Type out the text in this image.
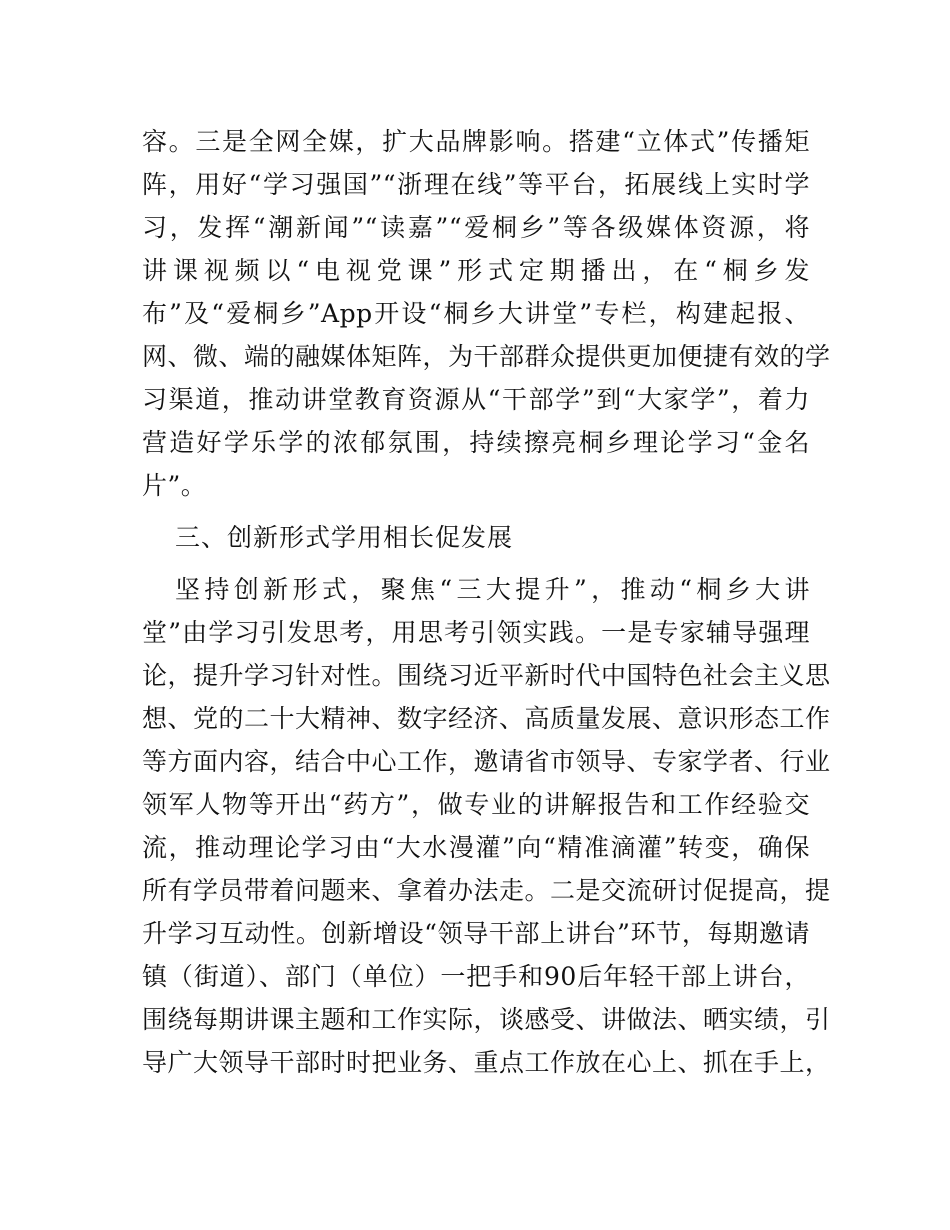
容。三是全网全媒，扩大品牌影响。搭建“立体式”传播矩
阵，用好“学习强国”“浙理在线”等平台，拓展线上实时学
习，发挥“潮新闻”“读嘉”“爱桐乡”等各级媒体资源，将
讲课视频以“电视党课”形式定期播出，在“桐乡发
布”及“爱桐乡”App开设“桐乡大讲堂”专栏，构建起报、
网、微、端的融媒体矩阵，为干部群众提供更加便捷有效的学
习渠道，推动讲堂教育资源从“干部学”到“大家学”，着力
营造好学乐学的浓郁氛围，持续擦亮桐乡理论学习“金名
片”。
三、创新形式学用相长促发展
坚持创新形式，聚焦“三大提升”，推动“桐乡大讲
堂”由学习引发思考，用思考引领实践。一是专家辅导强理
论，提升学习针对性。围绕习近平新时代中国特色社会主义思
想、党的二十大精神、数字经济、高质量发展、意识形态工作
等方面内容，结合中心工作，邀请省市领导、专家学者、行业
领军人物等开出“药方”，做专业的讲解报告和工作经验交
流，推动理论学习由“大水漫灌”向“精准滴灌”转变，确保
所有学员带着问题来、拿着办法走。二是交流研讨促提高，提
升学习互动性。创新增设“领导干部上讲台”环节，每期邀请
镇（街道）、部门（单位）一把手和90后年轻干部上讲台，
围绕每期讲课主题和工作实际，谈感受、讲做法、晒实绩，引
导广大领导干部时时把业务、重点工作放在心上、抓在手上，
